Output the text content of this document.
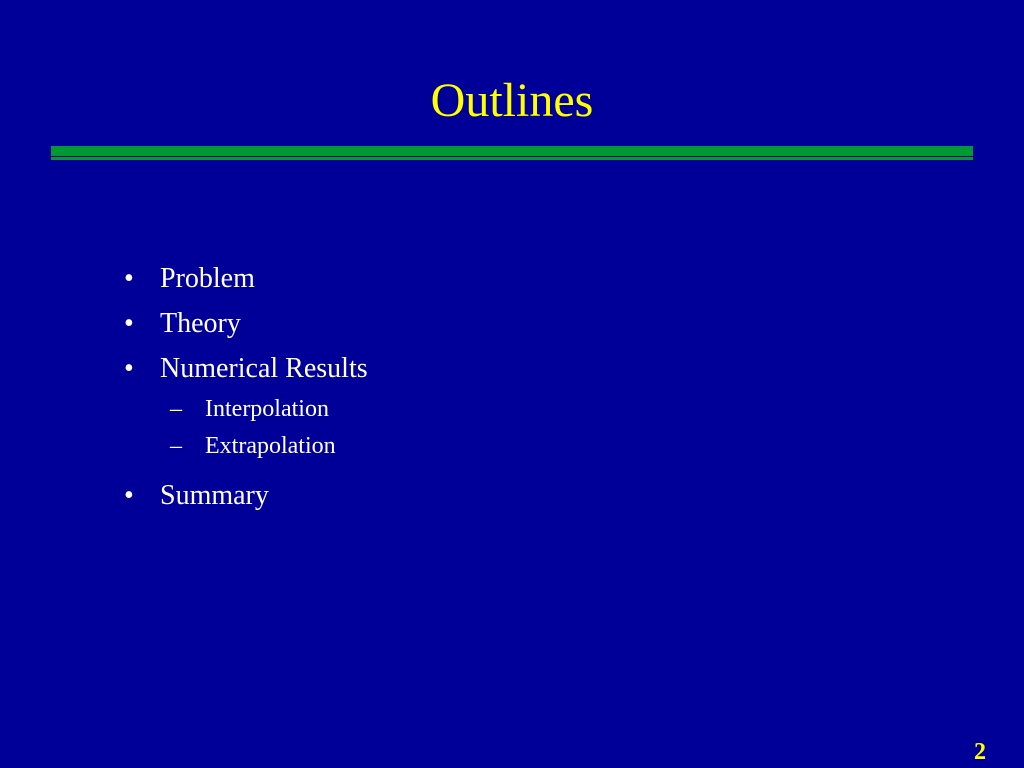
Outlines
• Problem
• Theory
• Numerical Results
– Interpolation
– Extrapolation
• Summary
2
